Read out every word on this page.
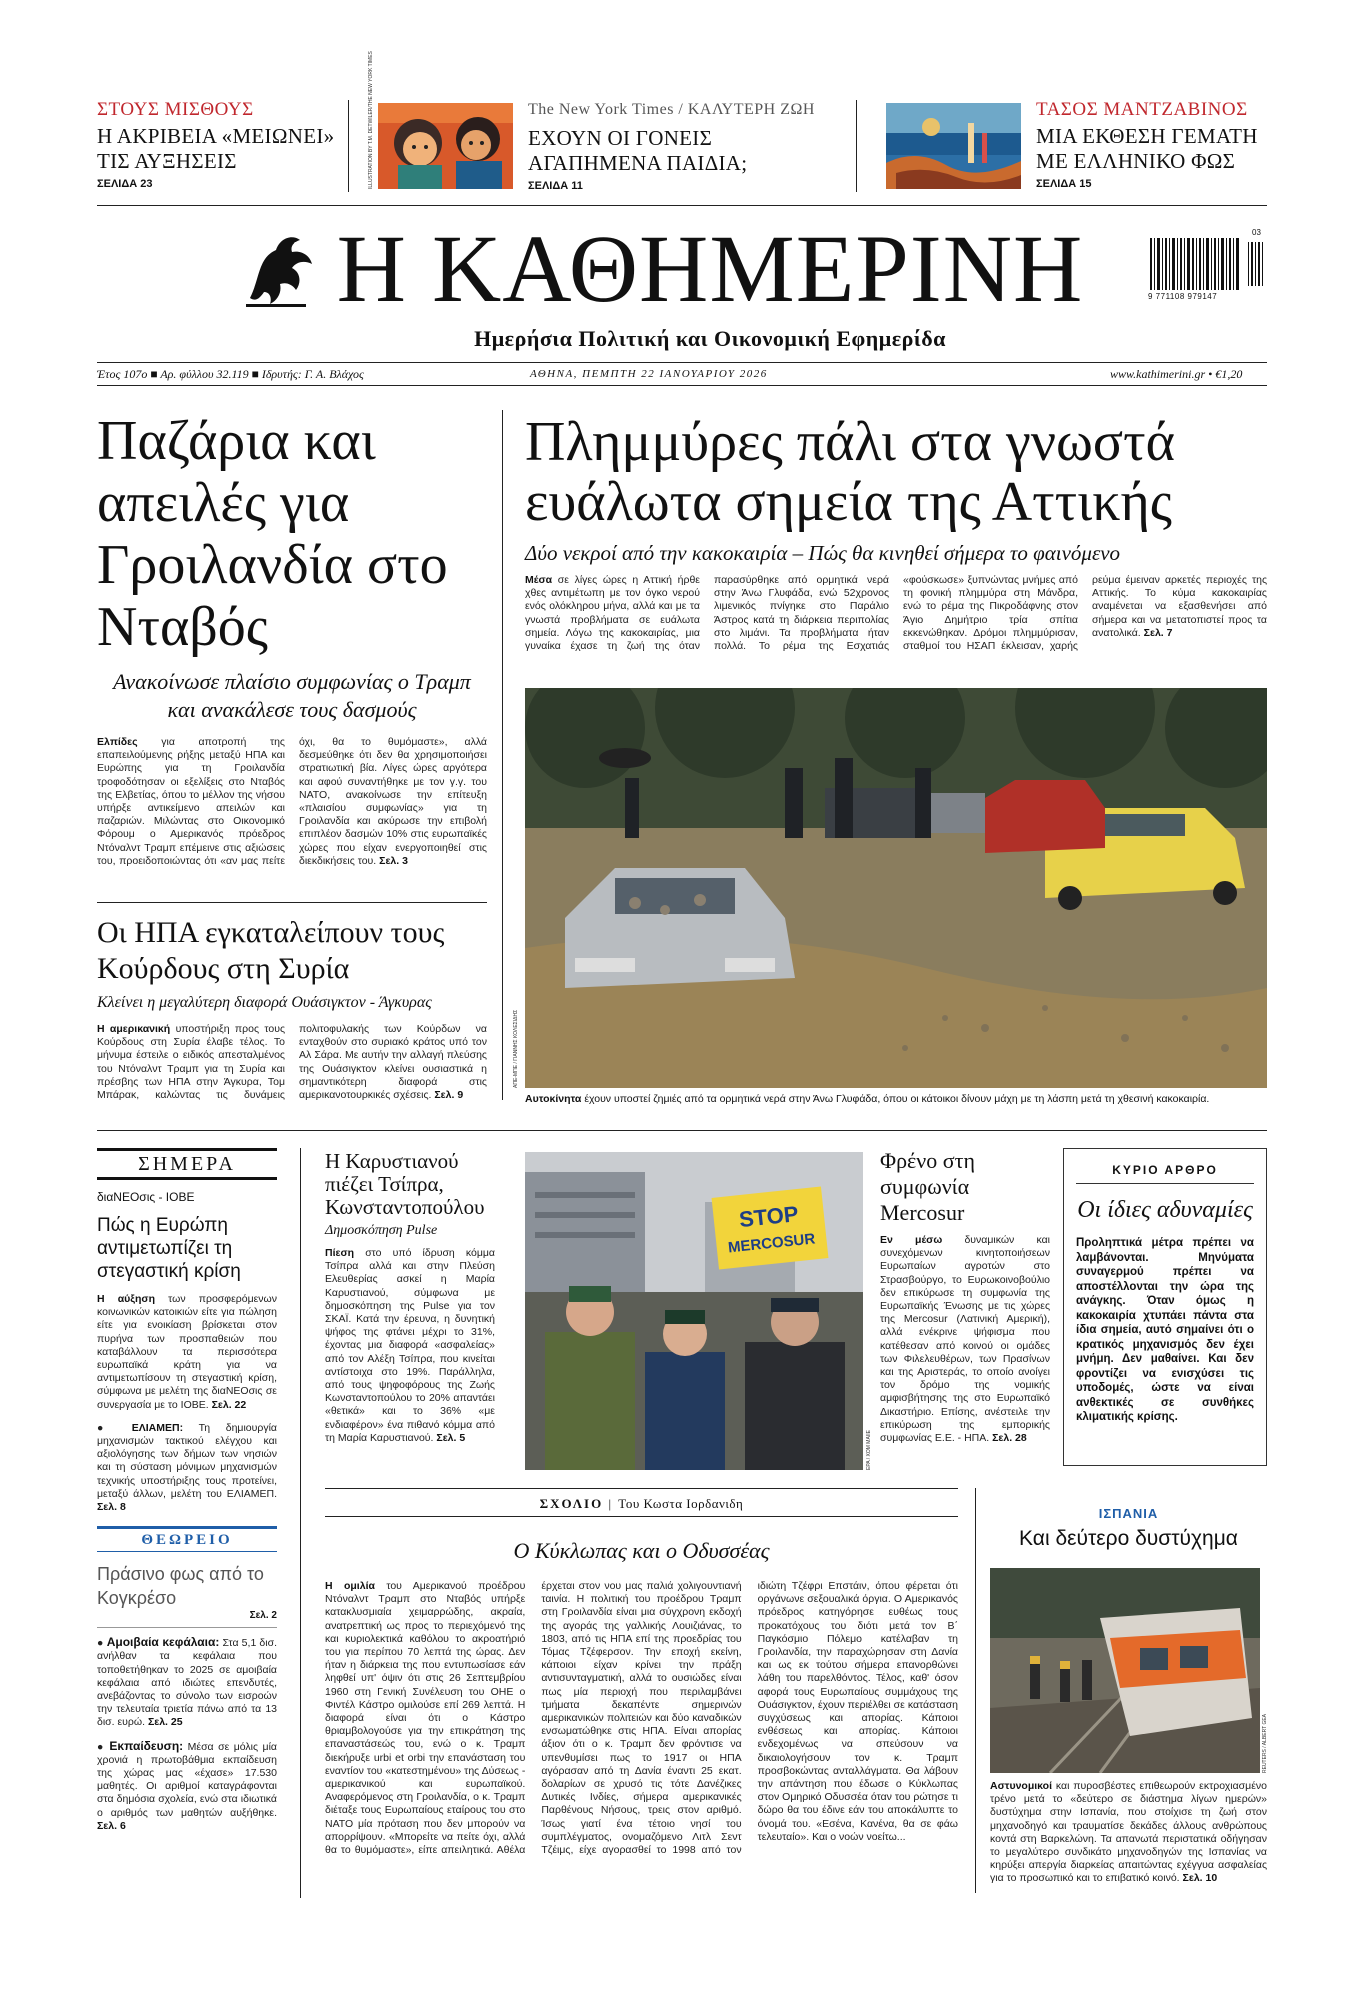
ΣΤΟΥΣ ΜΙΣΘΟΥΣ
Η ΑΚΡΙΒΕΙΑ «ΜΕΙΩΝΕΙ» ΤΙΣ ΑΥΞΗΣΕΙΣ
ΣΕΛΙΔΑ 23	ILLUSTRATION BY T.M. DETWILER/THE NEW YORK TIMES	The New York Times / ΚΑΛΥΤΕΡΗ ΖΩΗ
ΕΧΟΥΝ ΟΙ ΓΟΝΕΙΣ ΑΓΑΠΗΜΕΝΑ ΠΑΙΔΙΑ;
ΣΕΛΙΔΑ 11
ΤΑΣΟΣ ΜΑΝΤΖΑΒΙΝΟΣ
ΜΙΑ ΕΚΘΕΣΗ ΓΕΜΑΤΗ ΜΕ ΕΛΛΗΝΙΚΟ ΦΩΣ
ΣΕΛΙΔΑ 15
Η ΚΑΘΗΜΕΡΙΝΗ
Ημερήσια Πολιτική και Οικονομική Εφημερίδα
03
9 771108 979147
Έτος 107ο ■ Αρ. φύλλου 32.119 ■ Ιδρυτής: Γ. Α. Βλάχος	ΑΘΗΝΑ, ΠΕΜΠΤΗ 22 ΙΑΝΟΥΑΡΙΟΥ 2026	www.kathimerini.gr • €1,20
Παζάρια και απειλές για Γροιλανδία στο Νταβός
Ανακοίνωσε πλαίσιο συμφωνίας ο Τραμπ και ανακάλεσε τους δασμούς
Ελπίδες για αποτροπή της επαπειλούμενης ρήξης μεταξύ ΗΠΑ και Ευρώπης για τη Γροιλανδία τροφοδότησαν οι εξελίξεις στο Νταβός της Ελβετίας, όπου το μέλλον της νήσου υπήρξε αντικείμενο απειλών και παζαριών. Μιλώντας στο Οικονομικό Φόρουμ ο Αμερικανός πρόεδρος Ντόναλντ Τραμπ επέμεινε στις αξιώσεις του, προειδοποιώντας ότι «αν μας πείτε όχι, θα το θυμόμαστε», αλλά δεσμεύθηκε ότι δεν θα χρησιμοποιήσει στρατιωτική βία. Λίγες ώρες αργότερα και αφού συναντήθηκε με τον γ.γ. του ΝΑΤΟ, ανακοίνωσε την επίτευξη «πλαισίου συμφωνίας» για τη Γροιλανδία και ακύρωσε την επιβολή επιπλέον δασμών 10% στις ευρωπαϊκές χώρες που είχαν ενεργοποιηθεί στις διεκδικήσεις του. Σελ. 3
Πλημμύρες πάλι στα γνωστά ευάλωτα σημεία της Αττικής
Δύο νεκροί από την κακοκαιρία – Πώς θα κινηθεί σήμερα το φαινόμενο
Μέσα σε λίγες ώρες η Αττική ήρθε χθες αντιμέτωπη με τον όγκο νερού ενός ολόκληρου μήνα, αλλά και με τα γνωστά προβλήματα σε ευάλωτα σημεία. Λόγω της κακοκαιρίας, μια γυναίκα έχασε τη ζωή της όταν παρασύρθηκε από ορμητικά νερά στην Άνω Γλυφάδα, ενώ 52χρονος λιμενικός πνίγηκε στο Παράλιο Άστρος κατά τη διάρκεια περιπολίας στο λιμάνι. Τα προβλήματα ήταν πολλά. Το ρέμα της Εσχατιάς «φούσκωσε» ξυπνώντας μνήμες από τη φονική πλημμύρα στη Μάνδρα, ενώ το ρέμα της Πικροδάφνης στον Άγιο Δημήτριο τρία σπίτια εκκενώθηκαν. Δρόμοι πλημμύρισαν, σταθμοί του ΗΣΑΠ έκλεισαν, χαρής ρεύμα έμειναν αρκετές περιοχές της Αττικής. Το κύμα κακοκαιρίας αναμένεται να εξασθενήσει από σήμερα και να μετατοπιστεί προς τα ανατολικά. Σελ. 7
ΑΠΕ-ΜΠΕ / ΓΙΑΝΝΗΣ ΚΟΛΕΣΙΔΗΣ
Αυτοκίνητα έχουν υποστεί ζημιές από τα ορμητικά νερά στην Άνω Γλυφάδα, όπου οι κάτοικοι δίνουν μάχη με τη λάσπη μετά τη χθεσινή κακοκαιρία.
Οι ΗΠΑ εγκαταλείπουν τους Κούρδους στη Συρία
Κλείνει η μεγαλύτερη διαφορά Ουάσιγκτον - Άγκυρας
Η αμερικανική υποστήριξη προς τους Κούρδους στη Συρία έλαβε τέλος. Το μήνυμα έστειλε ο ειδικός απεσταλμένος του Ντόναλντ Τραμπ για τη Συρία και πρέσβης των ΗΠΑ στην Άγκυρα, Τομ Μπάρακ, καλώντας τις δυνάμεις πολιτοφυλακής των Κούρδων να ενταχθούν στο συριακό κράτος υπό τον Αλ Σάρα. Με αυτήν την αλλαγή πλεύσης της Ουάσιγκτον κλείνει ουσιαστικά η σημαντικότερη διαφορά στις αμερικανοτουρκικές σχέσεις. Σελ. 9
ΣΗΜΕΡΑ
διαΝΕΟσις - ΙΟΒΕ
Πώς η Ευρώπη αντιμετωπίζει τη στεγαστική κρίση
Η αύξηση των προσφερόμενων κοινωνικών κατοικιών είτε για πώληση είτε για ενοικίαση βρίσκεται στον πυρήνα των προσπαθειών που καταβάλλουν τα περισσότερα ευρωπαϊκά κράτη για να αντιμετωπίσουν τη στεγαστική κρίση, σύμφωνα με μελέτη της διαΝΕΟσις σε συνεργασία με το ΙΟΒΕ. Σελ. 22
● ΕΛΙΑΜΕΠ: Τη δημιουργία μηχανισμών τακτικού ελέγχου και αξιολόγησης των δήμων των νησιών και τη σύσταση μόνιμων μηχανισμών τεχνικής υποστήριξης τους προτείνει, μεταξύ άλλων, μελέτη του ΕΛΙΑΜΕΠ. Σελ. 8
ΘΕΩΡΕΙΟ
Πράσινο φως από το Κογκρέσο
Σελ. 2
● Αμοιβαία κεφάλαια: Στα 5,1 δισ. ανήλθαν τα κεφάλαια που τοποθετήθηκαν το 2025 σε αμοιβαία κεφάλαια από ιδιώτες επενδυτές, ανεβάζοντας το σύνολο των εισροών την τελευταία τριετία πάνω από τα 13 δισ. ευρώ. Σελ. 25
● Εκπαίδευση: Μέσα σε μόλις μία χρονιά η πρωτοβάθμια εκπαίδευση της χώρας μας «έχασε» 17.530 μαθητές. Οι αριθμοί καταγράφονται στα δημόσια σχολεία, ενώ στα ιδιωτικά ο αριθμός των μαθητών αυξήθηκε. Σελ. 6
Η Καρυστιανού πιέζει Τσίπρα, Κωνσταντοπούλου
Δημοσκόπηση Pulse
Πίεση στο υπό ίδρυση κόμμα Τσίπρα αλλά και στην Πλεύση Ελευθερίας ασκεί η Μαρία Καρυστιανού, σύμφωνα με δημοσκόπηση της Pulse για τον ΣΚΑΪ. Κατά την έρευνα, η δυνητική ψήφος της φτάνει μέχρι το 31%, έχοντας μια διαφορά «ασφαλείας» από τον Αλέξη Τσίπρα, που κινείται αντίστοιχα στο 19%. Παράλληλα, από τους ψηφοφόρους της Ζωής Κωνσταντοπούλου το 20% απαντάει «θετικά» και το 36% «με ενδιαφέρον» ένα πιθανό κόμμα από τη Μαρία Καρυστιανού. Σελ. 5
STOP
MERCOSUR
EPA / ΧΟΜ ΜΑΙΙΕ
Φρένο στη συμφωνία Mercosur
Εν μέσω δυναμικών και συνεχόμενων κινητοποιήσεων Ευρωπαίων αγροτών στο Στρασβούργο, το Ευρωκοινοβούλιο δεν επικύρωσε τη συμφωνία της Ευρωπαϊκής Ένωσης με τις χώρες της Mercosur (Λατινική Αμερική), αλλά ενέκρινε ψήφισμα που κατέθεσαν από κοινού οι ομάδες των Φιλελευθέρων, των Πρασίνων και της Αριστεράς, το οποίο ανοίγει τον δρόμο της νομικής αμφισβήτησης της στο Ευρωπαϊκό Δικαστήριο. Επίσης, ανέστειλε την επικύρωση της εμπορικής συμφωνίας Ε.Ε. - ΗΠΑ. Σελ. 28
ΚΥΡΙΟ ΑΡΘΡΟ
Οι ίδιες αδυναμίες
Προληπτικά μέτρα πρέπει να λαμβάνονται. Μηνύματα συναγερμού πρέπει να αποστέλλονται την ώρα της ανάγκης. Όταν όμως η κακοκαιρία χτυπάει πάντα στα ίδια σημεία, αυτό σημαίνει ότι ο κρατικός μηχανισμός δεν έχει μνήμη. Δεν μαθαίνει. Και δεν φροντίζει να ενισχύσει τις υποδομές, ώστε να είναι ανθεκτικές σε συνθήκες κλιματικής κρίσης.
ΣΧΟΛΙΟ | Του Κωστα Ιορδανιδη
Ο Κύκλωπας και ο Οδυσσέας
Η ομιλία του Αμερικανού προέδρου Ντόναλντ Τραμπ στο Νταβός υπήρξε κατακλυσμιαία χειμαρρώδης, ακραία, ανατρεπτική ως προς το περιεχόμενό της και κυριολεκτικά καθόλου το ακροατήριό του για περίπου 70 λεπτά της ώρας. Δεν ήταν η διάρκεια της που εντυπωσίασε εάν ληφθεί υπ' όψιν ότι στις 26 Σεπτεμβρίου 1960 στη Γενική Συνέλευση του ΟΗΕ ο Φιντέλ Κάστρο ομιλούσε επί 269 λεπτά. Η διαφορά είναι ότι ο Κάστρο θριαμβολογούσε για την επικράτηση της επαναστάσεώς του, ενώ ο κ. Τραμπ διεκήρυξε urbi et orbi την επανάσταση του εναντίον του «κατεστημένου» της Δύσεως - αμερικανικού και ευρωπαϊκού. Αναφερόμενος στη Γροιλανδία, ο κ. Τραμπ διέταξε τους Ευρωπαίους εταίρους του στο ΝΑΤΟ μία πρόταση που δεν μπορούν να απορρίψουν. «Μπορείτε να πείτε όχι, αλλά θα το θυμόμαστε», είπε απειλητικά. Αθέλα έρχεται στον νου μας παλιά χολιγουντιανή ταινία. Η πολιτική του προέδρου Τραμπ στη Γροιλανδία είναι μια σύγχρονη εκδοχή της αγοράς της γαλλικής Λουιζιάνας, το 1803, από τις ΗΠΑ επί της προεδρίας του Τόμας Τζέφερσον. Την εποχή εκείνη, κάποιοι είχαν κρίνει την πράξη αντισυνταγματική, αλλά το ουσιώδες είναι πως μία περιοχή που περιλαμβάνει τμήματα δεκαπέντε σημερινών αμερικανικών πολιτειών και δύο καναδικών ενσωματώθηκε στις ΗΠΑ. Είναι απορίας άξιον ότι ο κ. Τραμπ δεν φρόντισε να υπενθυμίσει πως το 1917 οι ΗΠΑ αγόρασαν από τη Δανία έναντι 25 εκατ. δολαρίων σε χρυσό τις τότε Δανέζικες Δυτικές Ινδίες, σήμερα αμερικανικές Παρθένους Νήσους, τρεις στον αριθμό. Ίσως γιατί ένα τέτοιο νησί του συμπλέγματος, ονομαζόμενο Λιτλ Σεντ Τζέιμς, είχε αγορασθεί το 1998 από τον ιδιώτη Τζέφρι Επστάιν, όπου φέρεται ότι οργάνωνε σεξουαλικά όργια. Ο Αμερικανός πρόεδρος κατηγόρησε ευθέως τους προκατόχους του διότι μετά τον Β΄ Παγκόσμιο Πόλεμο κατέλαβαν τη Γροιλανδία, την παραχώρησαν στη Δανία και ως εκ τούτου σήμερα επανορθώνει λάθη του παρελθόντος. Τέλος, καθ' όσον αφορά τους Ευρωπαίους συμμάχους της Ουάσιγκτον, έχουν περιέλθει σε κατάσταση συγχύσεως και απορίας. Κάποιοι ενθέσεως και απορίας. Κάποιοι ενδεχομένως να σπεύσουν να δικαιολογήσουν τον κ. Τραμπ προσβοκώντας ανταλλάγματα. Θα λάβουν την απάντηση που έδωσε ο Κύκλωπας στον Ομηρικό Οδυσσέα όταν του ρώτησε τι δώρο θα του έδινε εάν του αποκάλυπτε το όνομά του. «Εσένα, Κανένα, θα σε φάω τελευταίο». Και ο νοών νοείτω...
ΙΣΠΑΝΙΑ
Και δεύτερο δυστύχημα
REUTERS / ALBERT GEA
Αστυνομικοί και πυροσβέστες επιθεωρούν εκτροχιασμένο τρένο μετά το «δεύτερο σε διάστημα λίγων ημερών» δυστύχημα στην Ισπανία, που στοίχισε τη ζωή στον μηχανοδηγό και τραυματίσε δεκάδες άλλους ανθρώπους κοντά στη Βαρκελώνη. Τα απανωτά περιστατικά οδήγησαν το μεγαλύτερο συνδικάτο μηχανοδηγών της Ισπανίας να κηρύξει απεργία διαρκείας απαιτώντας εχέγγυα ασφαλείας για το προσωπικό και το επιβατικό κοινό. Σελ. 10
